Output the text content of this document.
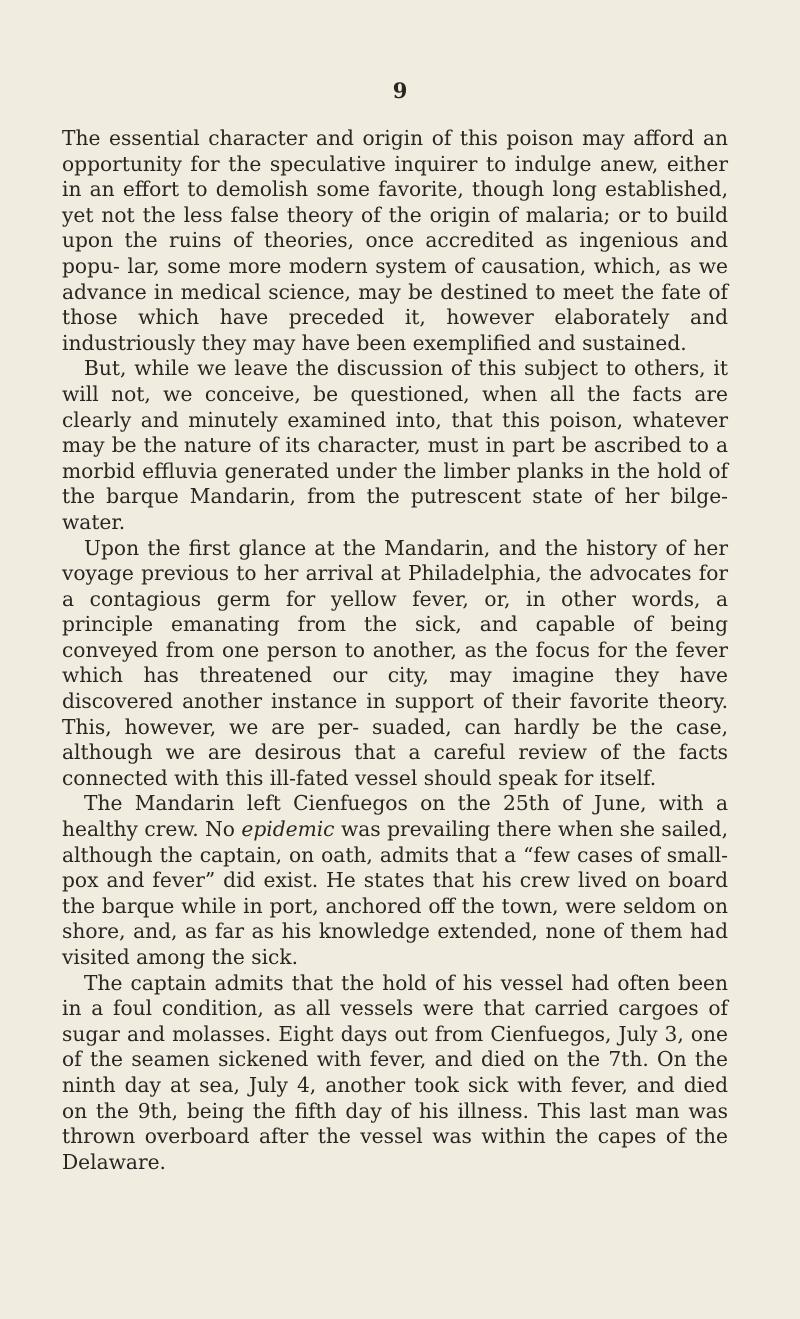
9

The essential character and origin of this poison may afford an opportunity for the speculative inquirer to indulge anew, either in an effort to demolish some favorite, though long established, yet not the less false theory of the origin of malaria; or to build upon the ruins of theories, once accredited as ingenious and popu- lar, some more modern system of causation, which, as we advance in medical science, may be destined to meet the fate of those which have preceded it, however elaborately and industriously they may have been exemplified and sustained.

But, while we leave the discussion of this subject to others, it will not, we conceive, be questioned, when all the facts are clearly and minutely examined into, that this poison, whatever may be the nature of its character, must in part be ascribed to a morbid effluvia generated under the limber planks in the hold of the barque Mandarin, from the putrescent state of her bilge-water.

Upon the first glance at the Mandarin, and the history of her voyage previous to her arrival at Philadelphia, the advocates for a contagious germ for yellow fever, or, in other words, a principle emanating from the sick, and capable of being conveyed from one person to another, as the focus for the fever which has threatened our city, may imagine they have discovered another instance in support of their favorite theory. This, however, we are per- suaded, can hardly be the case, although we are desirous that a careful review of the facts connected with this ill-fated vessel should speak for itself.

The Mandarin left Cienfuegos on the 25th of June, with a healthy crew. No epidemic was prevailing there when she sailed, although the captain, on oath, admits that a “few cases of small- pox and fever” did exist. He states that his crew lived on board the barque while in port, anchored off the town, were seldom on shore, and, as far as his knowledge extended, none of them had visited among the sick.

The captain admits that the hold of his vessel had often been in a foul condition, as all vessels were that carried cargoes of sugar and molasses. Eight days out from Cienfuegos, July 3, one of the seamen sickened with fever, and died on the 7th. On the ninth day at sea, July 4, another took sick with fever, and died on the 9th, being the fifth day of his illness. This last man was thrown overboard after the vessel was within the capes of the Delaware.
